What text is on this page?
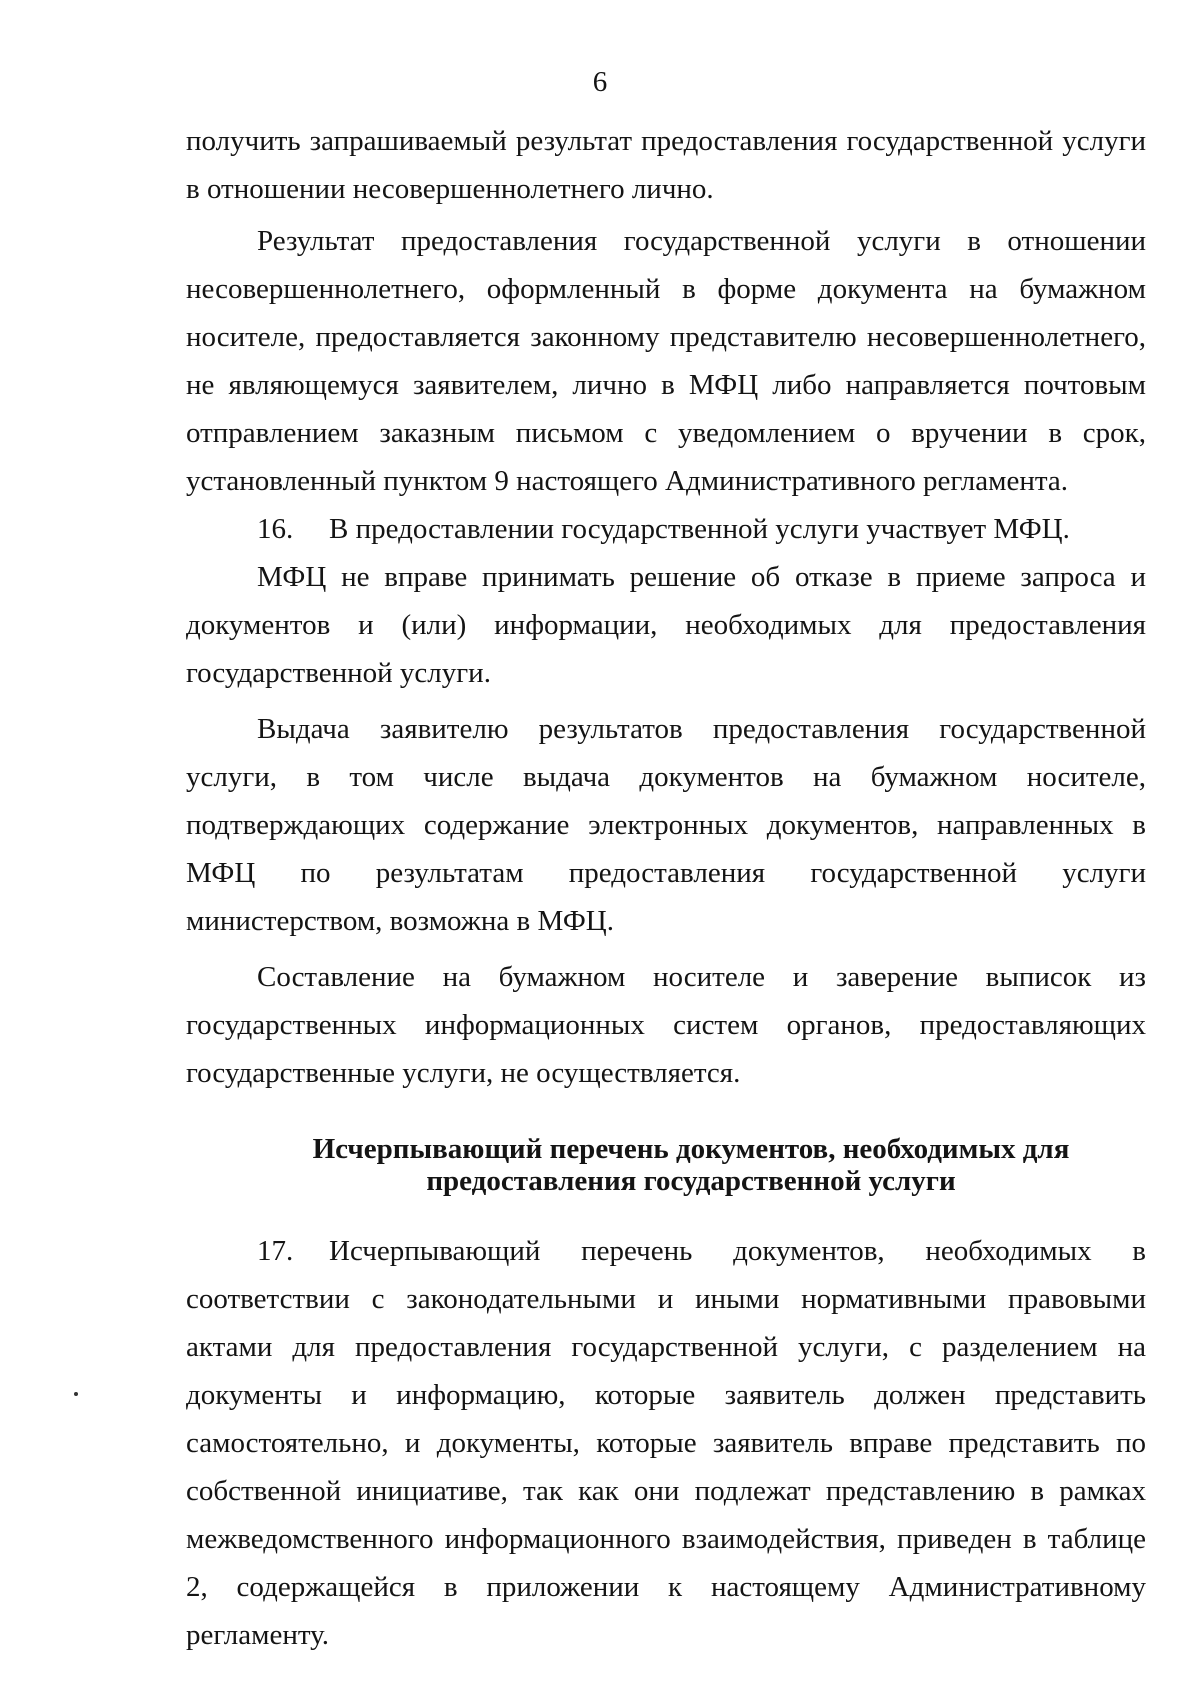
6

получить запрашиваемый результат предоставления государственной услуги в отношении несовершеннолетнего лично.

Результат предоставления государственной услуги в отношении несовершеннолетнего, оформленный в форме документа на бумажном носителе, предоставляется законному представителю несовершеннолетнего, не являющемуся заявителем, лично в МФЦ либо направляется почтовым отправлением заказным письмом с уведомлением о вручении в срок, установленный пунктом 9 настоящего Административного регламента.

16. В предоставлении государственной услуги участвует МФЦ.

МФЦ не вправе принимать решение об отказе в приеме запроса и документов и (или) информации, необходимых для предоставления государственной услуги.

Выдача заявителю результатов предоставления государственной услуги, в том числе выдача документов на бумажном носителе, подтверждающих содержание электронных документов, направленных в МФЦ по результатам предоставления государственной услуги министерством, возможна в МФЦ.

Составление на бумажном носителе и заверение выписок из государственных информационных систем органов, предоставляющих государственные услуги, не осуществляется.

Исчерпывающий перечень документов, необходимых для
предоставления государственной услуги

17. Исчерпывающий перечень документов, необходимых в соответствии с законодательными и иными нормативными правовыми актами для предоставления государственной услуги, с разделением на документы и информацию, которые заявитель должен представить самостоятельно, и документы, которые заявитель вправе представить по собственной инициативе, так как они подлежат представлению в рамках межведомственного информационного взаимодействия, приведен в таблице 2, содержащейся в приложении к настоящему Административному регламенту.
